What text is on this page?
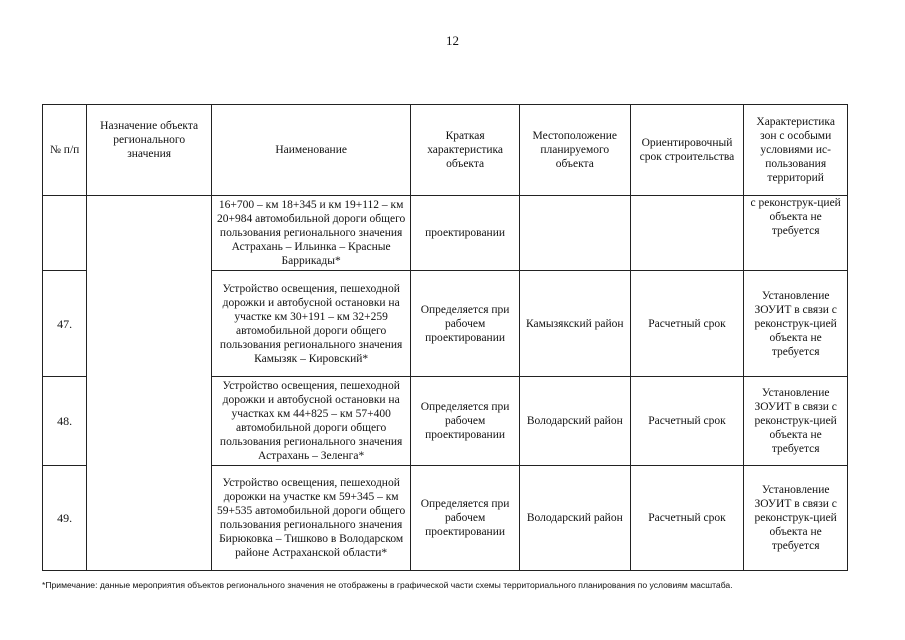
12
№ п/п	Назначение объекта регионального значения	Наименование	Краткая характеристика объекта	Местоположение планируемого объекта	Ориентировочный срок строительства	Характеристика зон с особыми условиями ис-пользования территорий
		16+700 – км 18+345 и км 19+112 – км 20+984 автомобильной дороги общего пользования регионального значения Астрахань – Ильинка – Красные Баррикады*	проектировании			с реконструк-цией объекта не требуется
47.		Устройство освещения, пешеходной дорожки и автобусной остановки на участке км 30+191 – км 32+259 автомобильной дороги общего пользования регионального значения Камызяк – Кировский*	Определяется при рабочем проектировании	Камызякский район	Расчетный срок	Установление ЗОУИТ в связи с реконструк-цией объекта не требуется
48.		Устройство освещения, пешеходной дорожки и автобусной остановки на участках км 44+825 – км 57+400 автомобильной дороги общего пользования регионального значения Астрахань – Зеленга*	Определяется при рабочем проектировании	Володарский район	Расчетный срок	Установление ЗОУИТ в связи с реконструк-цией объекта не требуется
49.		Устройство освещения, пешеходной дорожки на участке км 59+345 – км 59+535 автомобильной дороги общего пользования регионального значения Бирюковка – Тишково в Володарском районе Астраханской области*	Определяется при рабочем проектировании	Володарский район	Расчетный срок	Установление ЗОУИТ в связи с реконструк-цией объекта не требуется
*Примечание: данные мероприятия объектов регионального значения не отображены в графической части схемы территориального планирования по условиям масштаба.
